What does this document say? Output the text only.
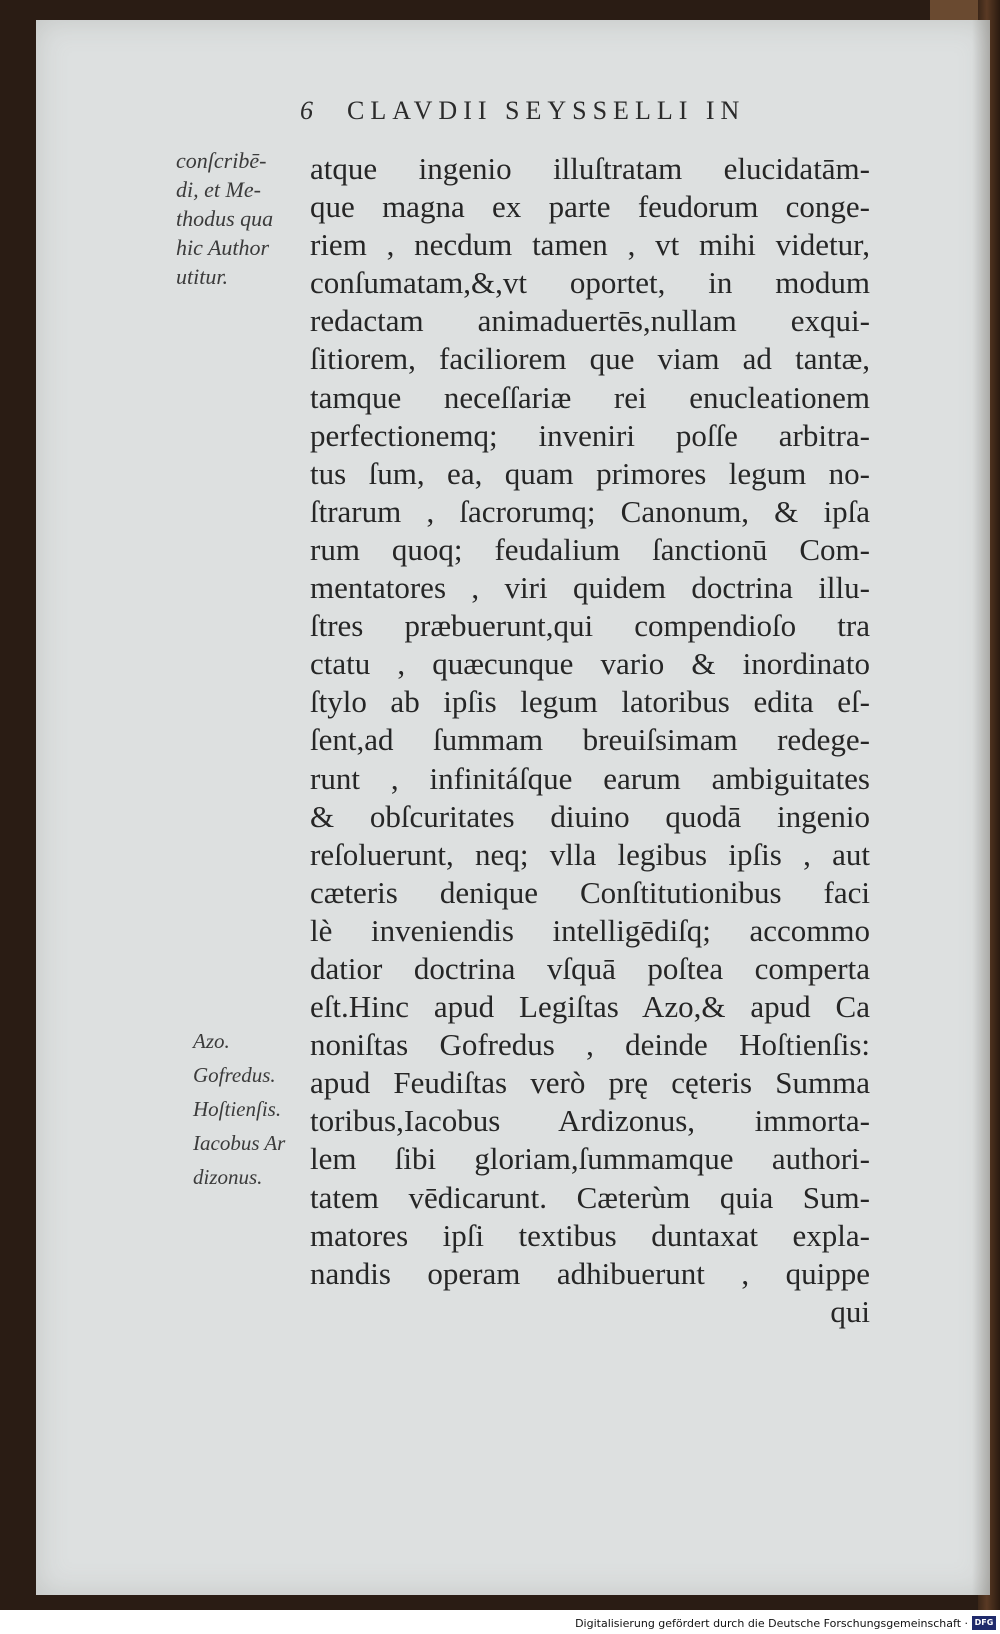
6 CLAVDII SEYSSELLI IN
conſcribē-
di, et Me-
thodus qua
hic Author
utitur.
Azo.
Gofredus.
Hoſtienſis.
Iacobus Ar
dizonus.
atque ingenio illuſtratam elucidatām-
que magna ex parte feudorum conge-
riem , necdum tamen , vt mihi videtur,
conſumatam,&,vt oportet, in modum
redactam animaduertēs,nullam exqui-
ſitiorem, faciliorem que viam ad tantæ,
tamque neceſſariæ rei enucleationem
perfectionemq; inveniri poſſe arbitra-
tus ſum, ea, quam primores legum no-
ſtrarum , ſacrorumq; Canonum, & ipſa
rum quoq; feudalium ſanctionū Com-
mentatores , viri quidem doctrina illu-
ſtres præbuerunt,qui compendioſo tra
ctatu , quæcunque vario & inordinato
ſtylo ab ipſis legum latoribus edita eſ-
ſent,ad ſummam breuiſsimam redege-
runt , infinitáſque earum ambiguitates
& obſcuritates diuino quodā ingenio
reſoluerunt, neq; vlla legibus ipſis , aut
cæteris denique Conſtitutionibus faci
lè inveniendis intelligēdiſq; accommo
datior doctrina vſquā poſtea comperta
eſt.Hinc apud Legiſtas Azo,& apud Ca
noniſtas Gofredus , deinde Hoſtienſis:
apud Feudiſtas verò prę cęteris Summa
toribus,Iacobus Ardizonus, immorta-
lem ſibi gloriam,ſummamque authori-
tatem vēdicarunt. Cæterùm quia Sum-
matores ipſi textibus duntaxat expla-
nandis operam adhibuerunt , quippe
qui
Digitalisierung gefördert durch die Deutsche Forschungsgemeinschaft · DFG
